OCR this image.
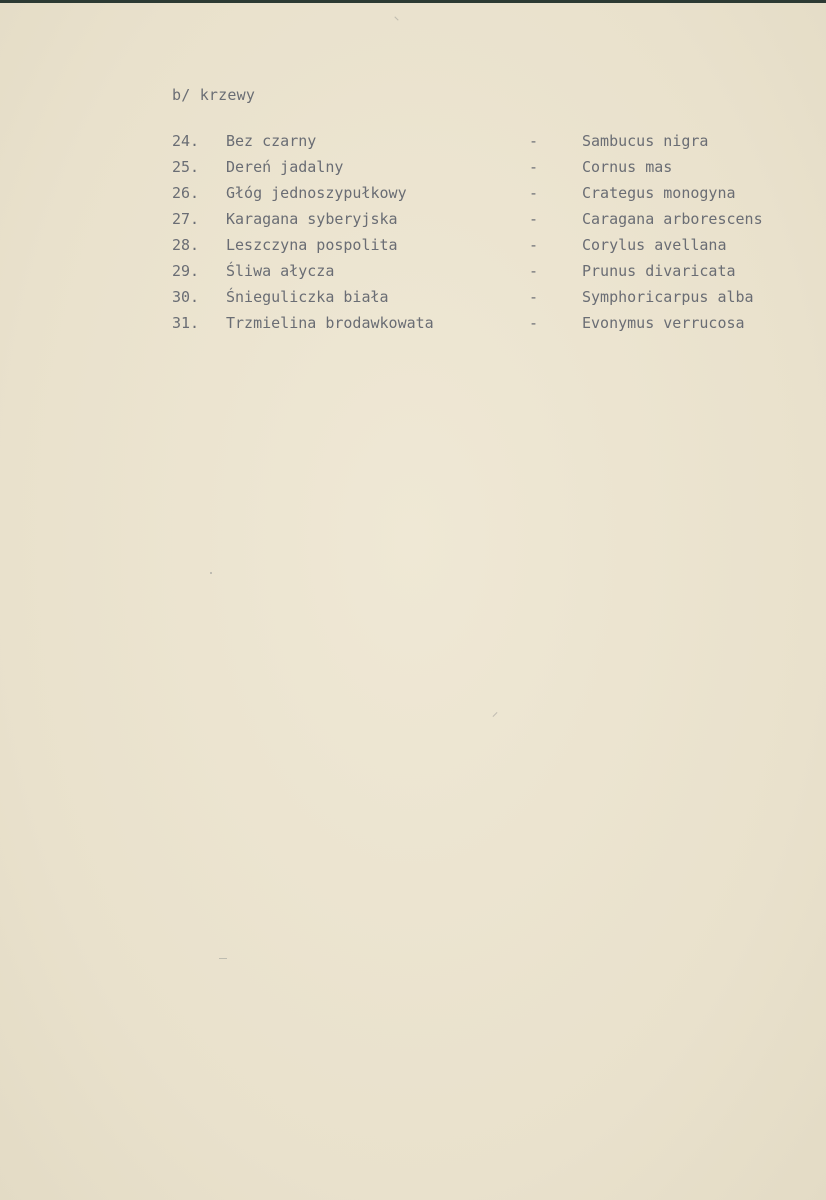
b/ krzewy
24. Bez czarny	-	Sambucus nigra
25. Dereń jadalny	-	Cornus mas
26. Głóg jednoszypułkowy	-	Crategus monogyna
27. Karagana syberyjska	-	Caragana arborescens
28. Leszczyna pospolita	-	Corylus avellana
29. Śliwa ałycza	-	Prunus divaricata
30. Śnieguliczka biała	-	Symphoricarpus alba
31. Trzmielina brodawkowata	-	Evonymus verrucosa
